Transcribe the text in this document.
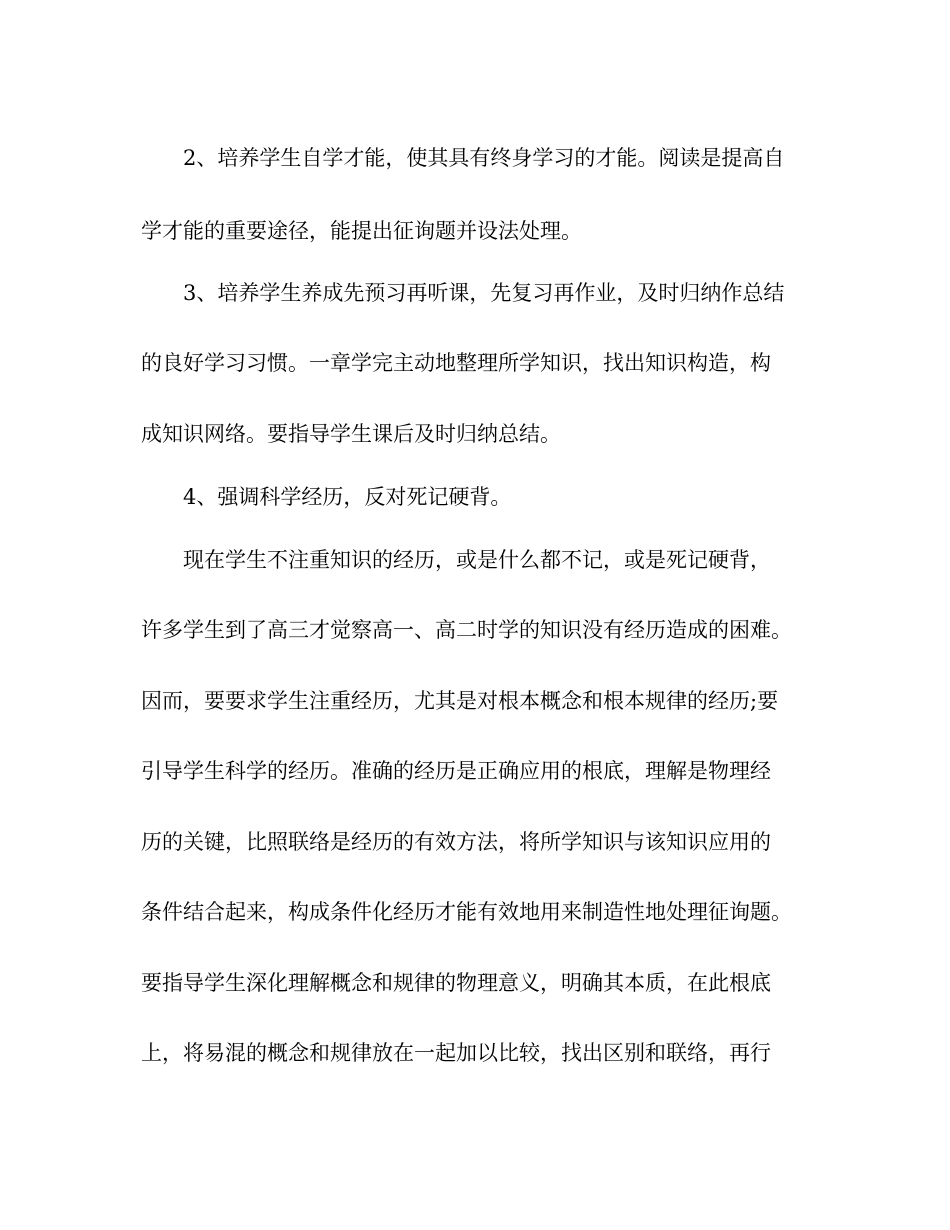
2、培养学生自学才能，使其具有终身学习的才能。阅读是提高自

学才能的重要途径，能提出征询题并设法处理。

3、培养学生养成先预习再听课，先复习再作业，及时归纳作总结

的良好学习习惯。一章学完主动地整理所学知识，找出知识构造，构

成知识网络。要指导学生课后及时归纳总结。

4、强调科学经历，反对死记硬背。

现在学生不注重知识的经历，或是什么都不记，或是死记硬背，

许多学生到了高三才觉察高一、高二时学的知识没有经历造成的困难。

因而，要要求学生注重经历，尤其是对根本概念和根本规律的经历;要

引导学生科学的经历。准确的经历是正确应用的根底，理解是物理经

历的关键，比照联络是经历的有效方法，将所学知识与该知识应用的

条件结合起来，构成条件化经历才能有效地用来制造性地处理征询题。

要指导学生深化理解概念和规律的物理意义，明确其本质，在此根底

上，将易混的概念和规律放在一起加以比较，找出区别和联络，再行
